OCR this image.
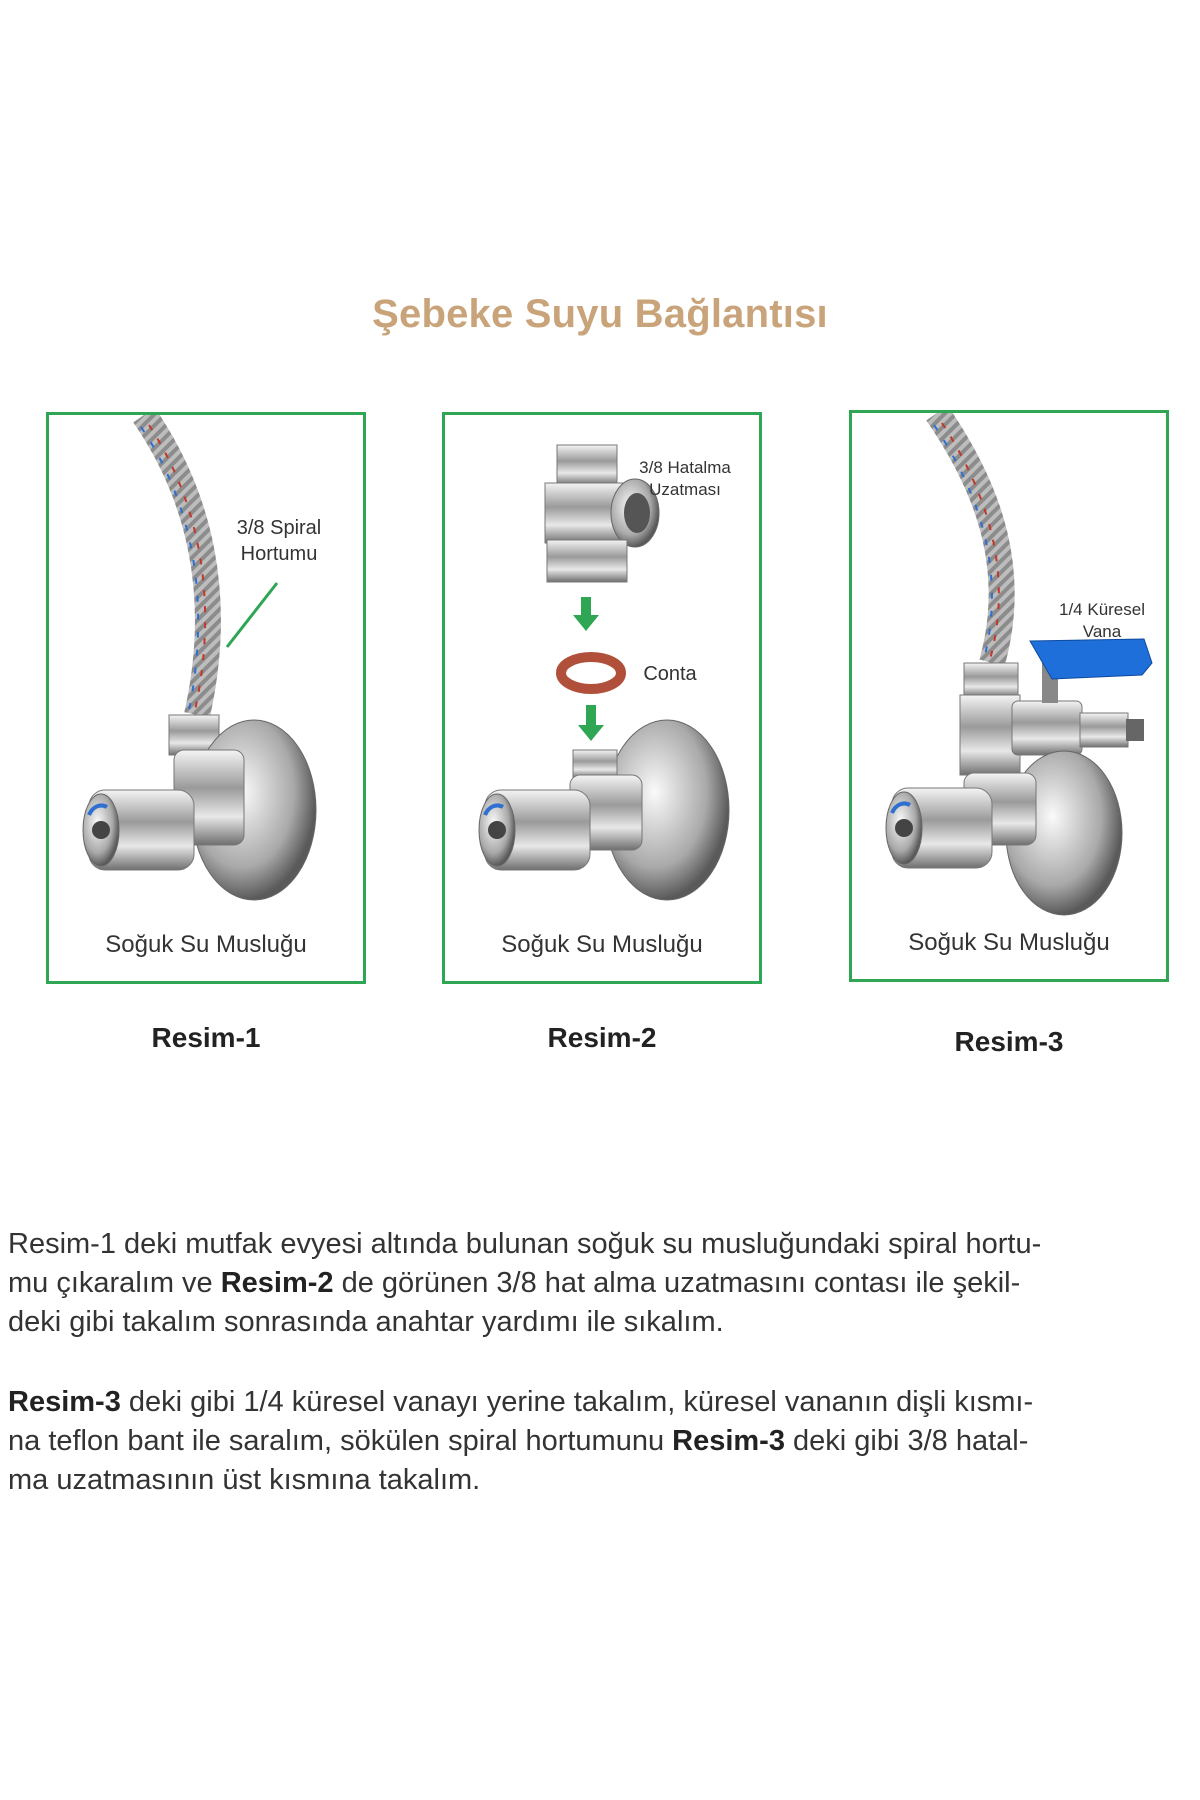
Şebeke Suyu Bağlantısı
3/8 Spiral
Hortumu
Soğuk Su Musluğu
3/8 Hatalma
Uzatması
Conta
Soğuk Su Musluğu
1/4 Küresel
Vana
Soğuk Su Musluğu
Resim-1	Resim-2	Resim-3
Resim-1 deki mutfak evyesi altında bulunan soğuk su musluğundaki spiral hortu-
mu çıkaralım ve Resim-2 de görünen 3/8 hat alma uzatmasını contası ile şekil-
deki gibi takalım sonrasında anahtar yardımı ile sıkalım.
Resim-3 deki gibi 1/4 küresel vanayı yerine takalım, küresel vananın dişli kısmı-
na teflon bant ile saralım, sökülen spiral hortumunu Resim-3 deki gibi 3/8 hatal-
ma uzatmasının üst kısmına takalım.
